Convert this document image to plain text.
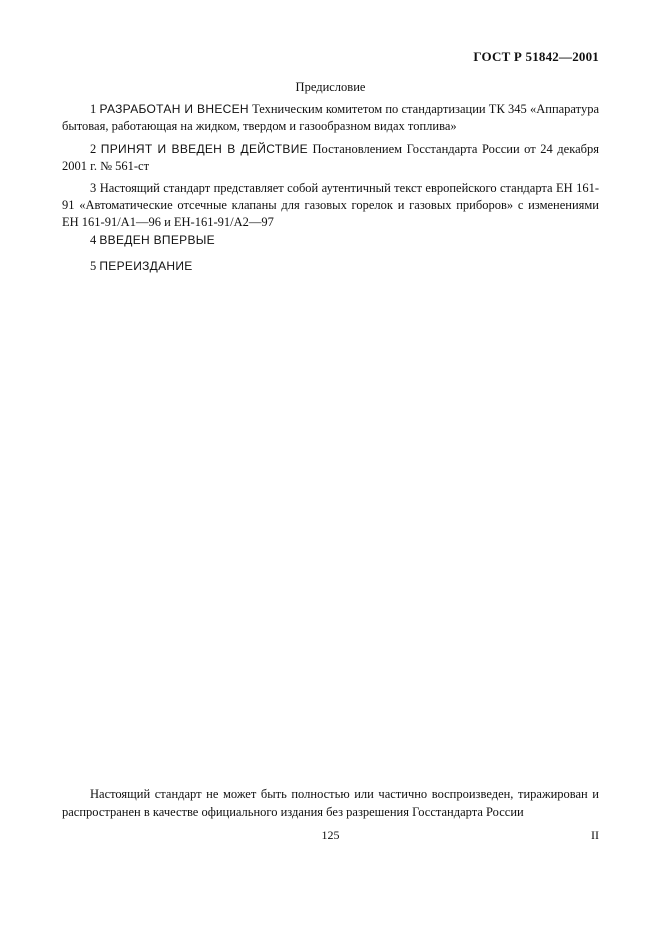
ГОСТ Р 51842—2001
Предисловие

1 РАЗРАБОТАН И ВНЕСЕН Техническим комитетом по стандартизации ТК 345 «Аппаратура бытовая, работающая на жидком, твердом и газообразном видах топлива»

2 ПРИНЯТ И ВВЕДЕН В ДЕЙСТВИЕ Постановлением Госстандарта России от 24 декабря 2001 г. № 561-ст

3 Настоящий стандарт представляет собой аутентичный текст европейского стандарта ЕН 161-91 «Автоматические отсечные клапаны для газовых горелок и газовых приборов» с изменениями ЕН 161-91/А1—96 и ЕН-161-91/А2—97

4 ВВЕДЕН ВПЕРВЫЕ

5 ПЕРЕИЗДАНИЕ

Настоящий стандарт не может быть полностью или частично воспроизведен, тиражирован и распространен в качестве официального издания без разрешения Госстандарта России

125	II
